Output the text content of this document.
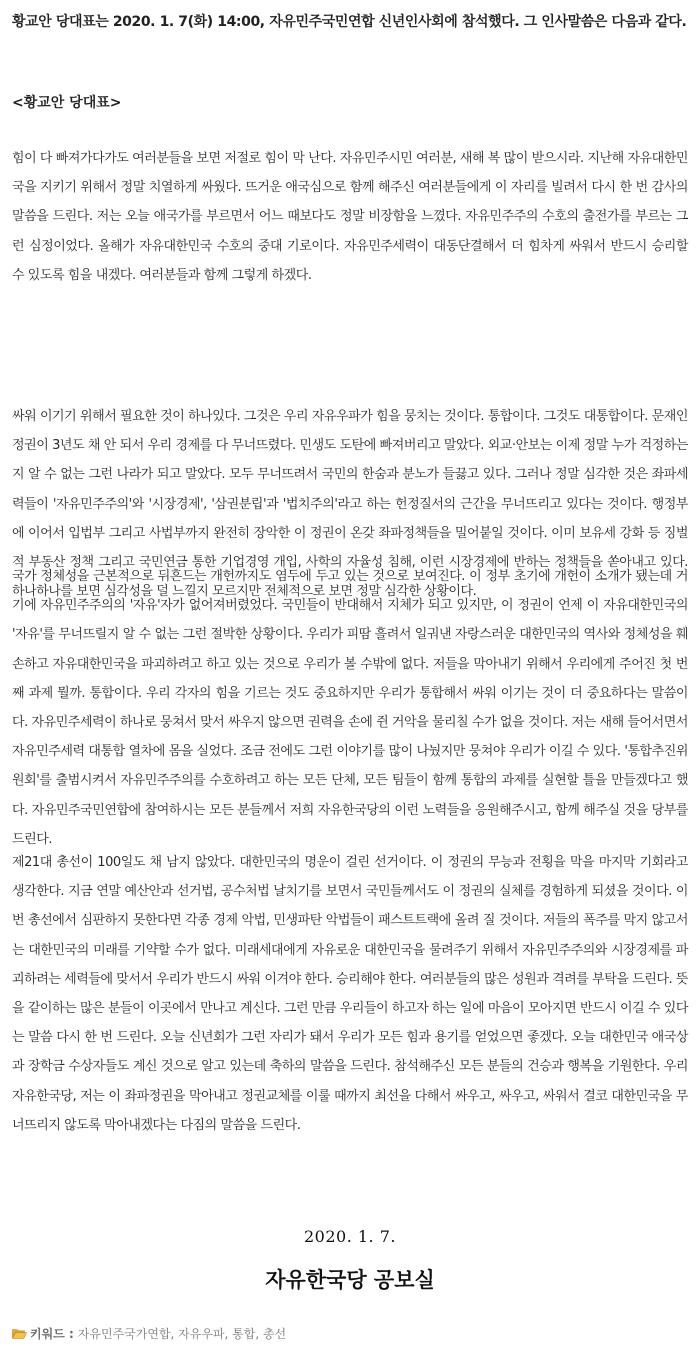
황교안 당대표는 2020. 1. 7(화) 14:00, 자유민주국민연합 신년인사회에 참석했다. 그 인사말씀은 다음과 같다.

<황교안 당대표>

힘이 다 빠져가다가도 여러분들을 보면 저절로 힘이 막 난다. 자유민주시민 여러분, 새해 복 많이 받으시라. 지난해 자유대한민국을 지키기 위해서 정말 치열하게 싸웠다. 뜨거운 애국심으로 함께 해주신 여러분들에게 이 자리를 빌려서 다시 한 번 감사의 말씀을 드린다. 저는 오늘 애국가를 부르면서 어느 때보다도 정말 비장함을 느꼈다. 자유민주주의 수호의 출전가를 부르는 그런 심정이었다. 올해가 자유대한민국 수호의 중대 기로이다. 자유민주세력이 대동단결해서 더 힘차게 싸워서 반드시 승리할 수 있도록 힘을 내겠다. 여러분들과 함께 그렇게 하겠다.

싸워 이기기 위해서 필요한 것이 하나있다. 그것은 우리 자유우파가 힘을 뭉치는 것이다. 통합이다. 그것도 대통합이다. 문재인 정권이 3년도 채 안 되서 우리 경제를 다 무너뜨렸다. 민생도 도탄에 빠져버리고 말았다. 외교·안보는 이제 정말 누가 걱정하는지 알 수 없는 그런 나라가 되고 말았다. 모두 무너뜨려서 국민의 한숨과 분노가 들끓고 있다. 그러나 정말 심각한 것은 좌파세력들이 '자유민주주의'와 '시장경제', '삼권분립'과 '법치주의'라고 하는 헌정질서의 근간을 무너뜨리고 있다는 것이다. 행정부에 이어서 입법부 그리고 사법부까지 완전히 장악한 이 정권이 온갖 좌파정책들을 밀어붙일 것이다. 이미 보유세 강화 등 징벌적 부동산 정책 그리고 국민연금 통한 기업경영 개입, 사학의 자율성 침해, 이런 시장경제에 반하는 정책들을 쏟아내고 있다. 하나하나를 보면 심각성을 덜 느낄지 모르지만 전체적으로 보면 정말 심각한 상황이다.

국가 정체성을 근본적으로 뒤흔드는 개헌까지도 염두에 두고 있는 것으로 보여진다. 이 정부 초기에 개헌이 소개가 됐는데 거기에 자유민주주의의 '자유'자가 없어져버렸었다. 국민들이 반대해서 지체가 되고 있지만, 이 정권이 언제 이 자유대한민국의 '자유'를 무너뜨릴지 알 수 없는 그런 절박한 상황이다. 우리가 피땀 흘려서 일궈낸 자랑스러운 대한민국의 역사와 정체성을 훼손하고 자유대한민국을 파괴하려고 하고 있는 것으로 우리가 볼 수밖에 없다. 저들을 막아내기 위해서 우리에게 주어진 첫 번째 과제 뭘까. 통합이다. 우리 각자의 힘을 기르는 것도 중요하지만 우리가 통합해서 싸워 이기는 것이 더 중요하다는 말씀이다. 자유민주세력이 하나로 뭉쳐서 맞서 싸우지 않으면 권력을 손에 쥔 거악을 물리칠 수가 없을 것이다. 저는 새해 들어서면서 자유민주세력 대통합 열차에 몸을 실었다. 조금 전에도 그런 이야기를 많이 나눴지만 뭉쳐야 우리가 이길 수 있다. '통합추진위원회'를 출범시켜서 자유민주주의를 수호하려고 하는 모든 단체, 모든 팀들이 함께 통합의 과제를 실현할 틀을 만들겠다고 했다. 자유민주국민연합에 참여하시는 모든 분들께서 저희 자유한국당의 이런 노력들을 응원해주시고, 함께 해주실 것을 당부를 드린다.

제21대 총선이 100일도 채 남지 않았다. 대한민국의 명운이 걸린 선거이다. 이 정권의 무능과 전횡을 막을 마지막 기회라고 생각한다. 지금 연말 예산안과 선거법, 공수처법 날치기를 보면서 국민들께서도 이 정권의 실체를 경험하게 되셨을 것이다. 이번 총선에서 심판하지 못한다면 각종 경제 악법, 민생파탄 악법들이 패스트트랙에 올려 질 것이다. 저들의 폭주를 막지 않고서는 대한민국의 미래를 기약할 수가 없다. 미래세대에게 자유로운 대한민국을 물려주기 위해서 자유민주주의와 시장경제를 파괴하려는 세력들에 맞서서 우리가 반드시 싸워 이겨야 한다. 승리해야 한다. 여러분들의 많은 성원과 격려를 부탁을 드린다. 뜻을 같이하는 많은 분들이 이곳에서 만나고 계신다. 그런 만큼 우리들이 하고자 하는 일에 마음이 모아지면 반드시 이길 수 있다는 말씀 다시 한 번 드린다. 오늘 신년회가 그런 자리가 돼서 우리가 모든 힘과 용기를 얻었으면 좋겠다. 오늘 대한민국 애국상과 장학금 수상자들도 계신 것으로 알고 있는데 축하의 말씀을 드린다. 참석해주신 모든 분들의 건승과 행복을 기원한다. 우리 자유한국당, 저는 이 좌파정권을 막아내고 정권교체를 이룰 때까지 최선을 다해서 싸우고, 싸우고, 싸워서 결코 대한민국을 무너뜨리지 않도록 막아내겠다는 다짐의 말씀을 드린다.

2020. 1. 7.

자유한국당 공보실

키워드 : 자유민주국가연합, 자유우파, 통합, 총선
